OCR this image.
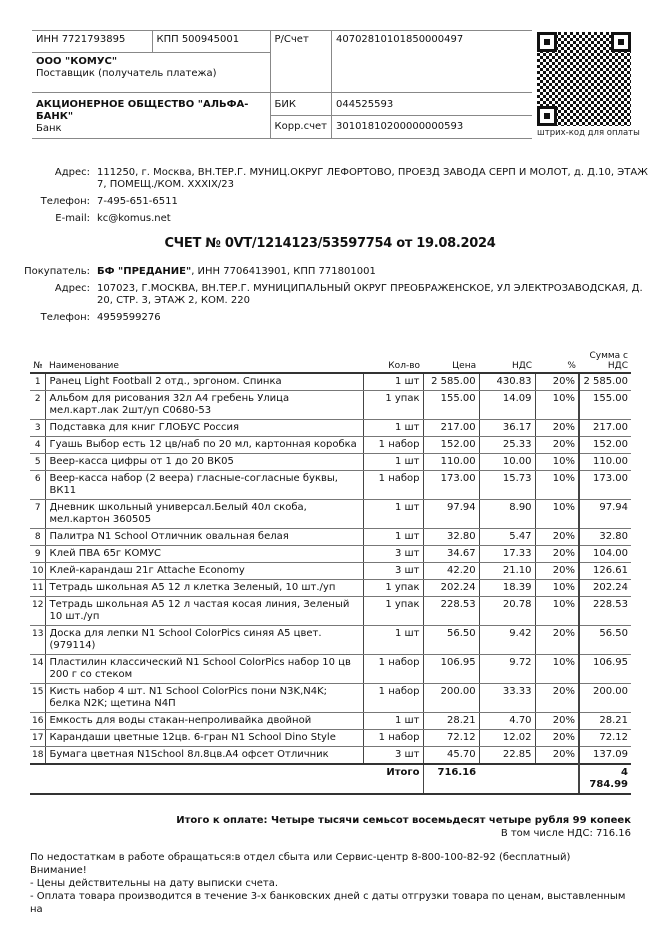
ИНН 7721793895	КПП 500945001	Р/Счет	40702810101850000497

ООО "КОМУС"
Поставщик (получатель платежа)			

АКЦИОНЕРНОЕ ОБЩЕСТВО "АЛЬФА-БАНК"
Банк		БИК	044525593
		Корр.счет	30101810200000000593
штрих-код для оплаты
Адрес: 111250, г. Москва, ВН.ТЕР.Г. МУНИЦ.ОКРУГ ЛЕФОРТОВО, ПРОЕЗД ЗАВОДА СЕРП И МОЛОТ, д. Д.10, ЭТАЖ
7, ПОМЕЩ./КОМ. XXXIX/23
Телефон: 7-495-651-6511
E-mail: kc@komus.net
СЧЕТ № 0VT/1214123/53597754 от 19.08.2024
Покупатель: БФ "ПРЕДАНИЕ", ИНН 7706413901, КПП 771801001
Адрес: 107023, Г.МОСКВА, ВН.ТЕР.Г. МУНИЦИПАЛЬНЫЙ ОКРУГ ПРЕОБРАЖЕНСКОЕ, УЛ ЭЛЕКТРОЗАВОДСКАЯ, Д.
20, СТР. 3, ЭТАЖ 2, КОМ. 220
Телефон: 4959599276
№	Наименование	Кол-во	Цена	НДС	%	Сумма с
НДС

1	Ранец Light Football 2 отд., эргоном. Спинка	1 шт	2 585.00	430.83	20%	2 585.00
2	Альбом для рисования 32л А4 гребень Улица мел.карт.лак 2шт/уп С0680-53	1 упак	155.00	14.09	10%	155.00
3	Подставка для книг ГЛОБУС Россия	1 шт	217.00	36.17	20%	217.00
4	Гуашь Выбор есть 12 цв/наб по 20 мл, картонная коробка	1 набор	152.00	25.33	20%	152.00
5	Веер-касса цифры от 1 до 20 ВК05	1 шт	110.00	10.00	10%	110.00
6	Веер-касса набор (2 веера) гласные-согласные буквы, ВК11	1 набор	173.00	15.73	10%	173.00
7	Дневник школьный универсал.Белый 40л скоба, мел.картон 360505	1 шт	97.94	8.90	10%	97.94
8	Палитра N1 School Отличник овальная белая	1 шт	32.80	5.47	20%	32.80
9	Клей ПВА 65г КОМУС	3 шт	34.67	17.33	20%	104.00
10	Клей-карандаш 21г Attache Economy	3 шт	42.20	21.10	20%	126.61
11	Тетрадь школьная А5 12 л клетка Зеленый, 10 шт./уп	1 упак	202.24	18.39	10%	202.24
12	Тетрадь школьная А5 12 л частая косая линия, Зеленый 10 шт./уп	1 упак	228.53	20.78	10%	228.53
13	Доска для лепки N1 School ColorPics синяя А5 цвет. (979114)	1 шт	56.50	9.42	20%	56.50
14	Пластилин классический N1 School ColorPics набор 10 цв 200 г со стеком	1 набор	106.95	9.72	10%	106.95
15	Кисть набор 4 шт. N1 School ColorPics пони N3K,N4K; белка N2K; щетина N4П	1 набор	200.00	33.33	20%	200.00
16	Емкость для воды стакан-непроливайка двойной	1 шт	28.21	4.70	20%	28.21
17	Карандаши цветные 12цв. 6-гран N1 School Dino Style	1 набор	72.12	12.02	20%	72.12
18	Бумага цветная N1School 8л.8цв.А4 офсет Отличник	3 шт	45.70	22.85	20%	137.09
		Итого	716.16			4 784.99
Итого к оплате: Четыре тысячи семьсот восемьдесят четыре рубля 99 копеек
В том числе НДС: 716.16
По недостаткам в работе обращаться:в отдел сбыта или Сервис-центр 8-800-100-82-92 (бесплатный)
Внимание!
- Цены действительны на дату выписки счета.
- Оплата товара производится в течение 3-х банковских дней с даты отгрузки товара по ценам, выставленным на
